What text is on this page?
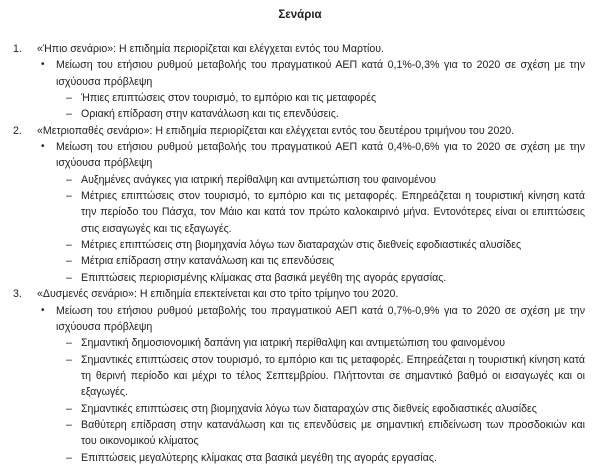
Σενάρια
1.	«Ήπιο σενάριο»: Η επιδημία περιορίζεται και ελέγχεται εντός του Μαρτίου.
•	Μείωση του ετήσιου ρυθμού μεταβολής του πραγματικού ΑΕΠ κατά 0,1%-0,3% για το 2020 σε σχέση με την ισχύουσα πρόβλεψη
– Ήπιες επιπτώσεις στον τουρισμό, το εμπόριο και τις μεταφορές
– Οριακή επίδραση στην κατανάλωση και τις επενδύσεις.
2.	«Μετριοπαθές σενάριο»: Η επιδημία περιορίζεται και ελέγχεται εντός του δευτέρου τριμήνου του 2020.
•	Μείωση του ετήσιου ρυθμού μεταβολής του πραγματικού ΑΕΠ κατά 0,4%-0,6% για το 2020 σε σχέση με την ισχύουσα πρόβλεψη
– Αυξημένες ανάγκες για ιατρική περίθαλψη και αντιμετώπιση του φαινομένου
– Μέτριες επιπτώσεις στον τουρισμό, το εμπόριο και τις μεταφορές. Επηρεάζεται η τουριστική κίνηση κατά την περίοδο του Πάσχα, τον Μάιο και κατά τον πρώτο καλοκαιρινό μήνα. Εντονότερες είναι οι επιπτώσεις στις εισαγωγές και τις εξαγωγές.
– Μέτριες επιπτώσεις στη βιομηχανία λόγω των διαταραχών στις διεθνείς εφοδιαστικές αλυσίδες
– Μέτρια επίδραση στην κατανάλωση και τις επενδύσεις
– Επιπτώσεις περιορισμένης κλίμακας στα βασικά μεγέθη της αγοράς εργασίας.
3.	«Δυσμενές σενάριο»: Η επιδημία επεκτείνεται και στο τρίτο τρίμηνο του 2020.
•	Μείωση του ετήσιου ρυθμού μεταβολής του πραγματικού ΑΕΠ κατά 0,7%-0,9% για το 2020 σε σχέση με την ισχύουσα πρόβλεψη
– Σημαντική δημοσιονομική δαπάνη για ιατρική περίθαλψη και αντιμετώπιση του φαινομένου
– Σημαντικές επιπτώσεις στον τουρισμό, το εμπόριο και τις μεταφορές. Επηρεάζεται η τουριστική κίνηση κατά τη θερινή περίοδο και μέχρι το τέλος Σεπτεμβρίου. Πλήττονται σε σημαντικό βαθμό οι εισαγωγές και οι εξαγωγές.
– Σημαντικές επιπτώσεις στη βιομηχανία λόγω των διαταραχών στις διεθνείς εφοδιαστικές αλυσίδες
– Βαθύτερη επίδραση στην κατανάλωση και τις επενδύσεις με σημαντική επιδείνωση των προσδοκιών και του οικονομικού κλίματος
– Επιπτώσεις μεγαλύτερης κλίμακας στα βασικά μεγέθη της αγοράς εργασίας.
